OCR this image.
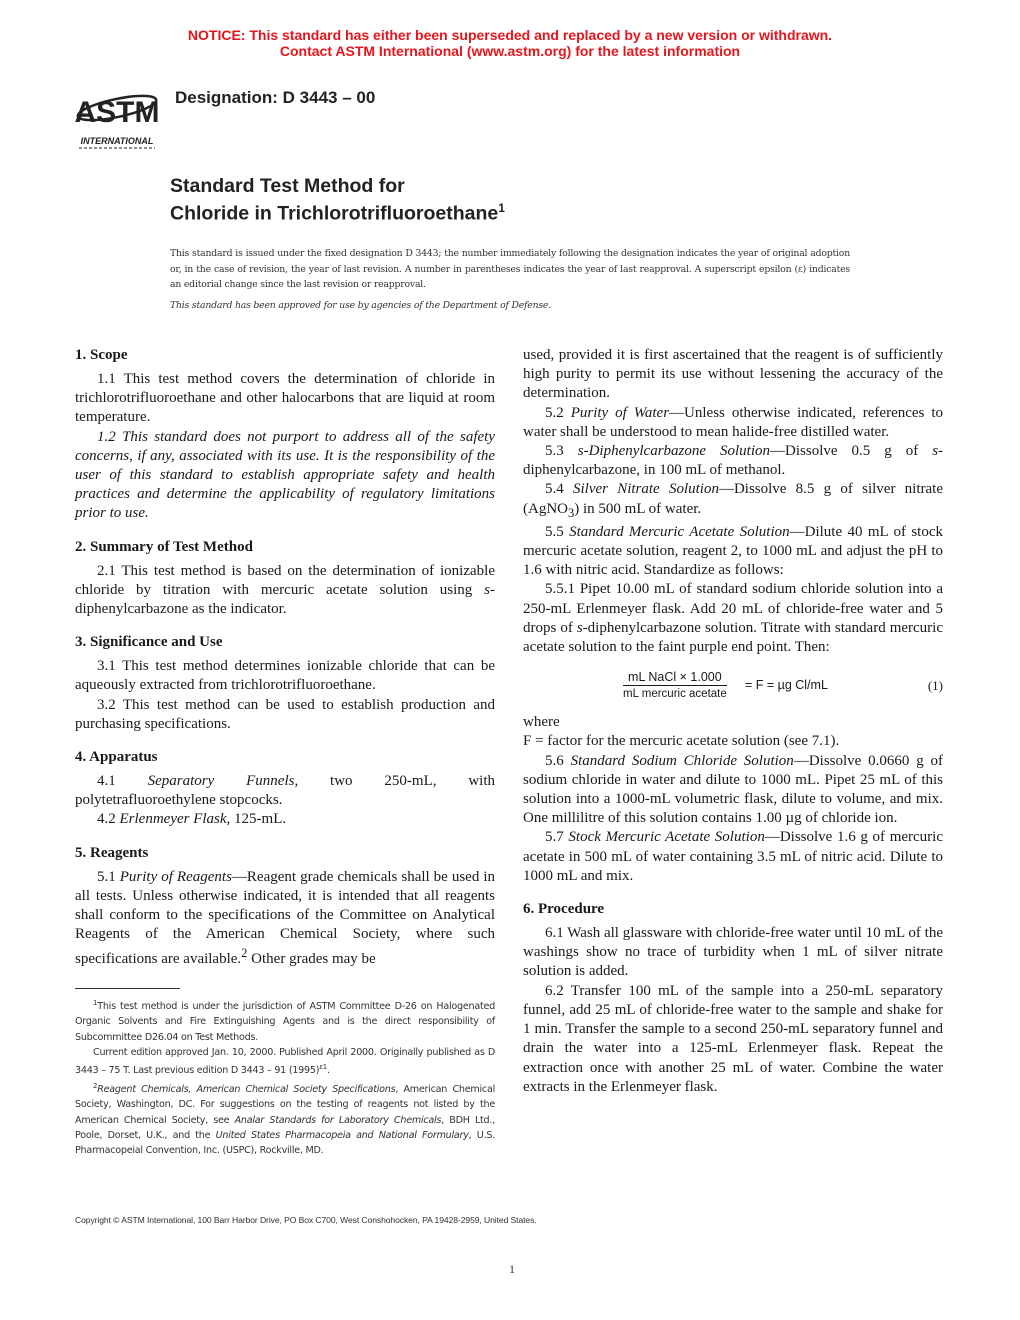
NOTICE: This standard has either been superseded and replaced by a new version or withdrawn.
Contact ASTM International (www.astm.org) for the latest information
ASTM
INTERNATIONAL
Designation: D 3443 – 00
Standard Test Method for
Chloride in Trichlorotrifluoroethane$^1$
This standard is issued under the fixed designation D 3443; the number immediately following the designation indicates the year of original adoption or, in the case of revision, the year of last revision. A number in parentheses indicates the year of last reapproval. A superscript epsilon (ε) indicates an editorial change since the last revision or reapproval.
This standard has been approved for use by agencies of the Department of Defense.
1. Scope

1.1 This test method covers the determination of chloride in trichlorotrifluoroethane and other halocarbons that are liquid at room temperature.

1.2 This standard does not purport to address all of the safety concerns, if any, associated with its use. It is the responsibility of the user of this standard to establish appropriate safety and health practices and determine the applicability of regulatory limitations prior to use.

2. Summary of Test Method

2.1 This test method is based on the determination of ionizable chloride by titration with mercuric acetate solution using s-diphenylcarbazone as the indicator.

3. Significance and Use

3.1 This test method determines ionizable chloride that can be aqueously extracted from trichlorotrifluoroethane.

3.2 This test method can be used to establish production and purchasing specifications.

4. Apparatus

4.1 Separatory Funnels, two 250-mL, with polytetrafluoroethylene stopcocks.

4.2 Erlenmeyer Flask, 125-mL.

5. Reagents

5.1 Purity of Reagents—Reagent grade chemicals shall be used in all tests. Unless otherwise indicated, it is intended that all reagents shall conform to the specifications of the Committee on Analytical Reagents of the American Chemical Society, where such specifications are available.$^2$ Other grades may be

$^1$This test method is under the jurisdiction of ASTM Committee D-26 on Halogenated Organic Solvents and Fire Extinguishing Agents and is the direct responsibility of Subcommittee D26.04 on Test Methods.

Current edition approved Jan. 10, 2000. Published April 2000. Originally published as D 3443 – 75 T. Last previous edition D 3443 – 91 $(1995)^{\varepsilon 1}$.

$^2$Reagent Chemicals, American Chemical Society Specifications, American Chemical Society, Washington, DC. For suggestions on the testing of reagents not listed by the American Chemical Society, see Analar Standards for Laboratory Chemicals, BDH Ltd., Poole, Dorset, U.K., and the United States Pharmacopeia and National Formulary, U.S. Pharmacopeial Convention, Inc. (USPC), Rockville, MD.

used, provided it is first ascertained that the reagent is of sufficiently high purity to permit its use without lessening the accuracy of the determination.

5.2 Purity of Water—Unless otherwise indicated, references to water shall be understood to mean halide-free distilled water.

5.3 s-Diphenylcarbazone Solution—Dissolve 0.5 g of s-diphenylcarbazone, in 100 mL of methanol.

5.4 Silver Nitrate Solution—Dissolve 8.5 g of silver nitrate (AgNO$_3$) in 500 mL of water.

5.5 Standard Mercuric Acetate Solution—Dilute 40 mL of stock mercuric acetate solution, reagent 2, to 1000 mL and adjust the pH to 1.6 with nitric acid. Standardize as follows:

5.5.1 Pipet 10.00 mL of standard sodium chloride solution into a 250-mL Erlenmeyer flask. Add 20 mL of chloride-free water and 5 drops of s-diphenylcarbazone solution. Titrate with standard mercuric acetate solution to the faint purple end point. Then:

mL NaCl × 1.000
mL mercuric acetate
= F = µg Cl/mL	(1)

where

F = factor for the mercuric acetate solution (see 7.1).

5.6 Standard Sodium Chloride Solution—Dissolve 0.0660 g of sodium chloride in water and dilute to 1000 mL. Pipet 25 mL of this solution into a 1000-mL volumetric flask, dilute to volume, and mix. One millilitre of this solution contains 1.00 µg of chloride ion.

5.7 Stock Mercuric Acetate Solution—Dissolve 1.6 g of mercuric acetate in 500 mL of water containing 3.5 mL of nitric acid. Dilute to 1000 mL and mix.

6. Procedure

6.1 Wash all glassware with chloride-free water until 10 mL of the washings show no trace of turbidity when 1 mL of silver nitrate solution is added.

6.2 Transfer 100 mL of the sample into a 250-mL separatory funnel, add 25 mL of chloride-free water to the sample and shake for 1 min. Transfer the sample to a second 250-mL separatory funnel and drain the water into a 125-mL Erlenmeyer flask. Repeat the extraction once with another 25 mL of water. Combine the water extracts in the Erlenmeyer flask.

Copyright © ASTM International, 100 Barr Harbor Drive, PO Box C700, West Conshohocken, PA 19428-2959, United States.
1
